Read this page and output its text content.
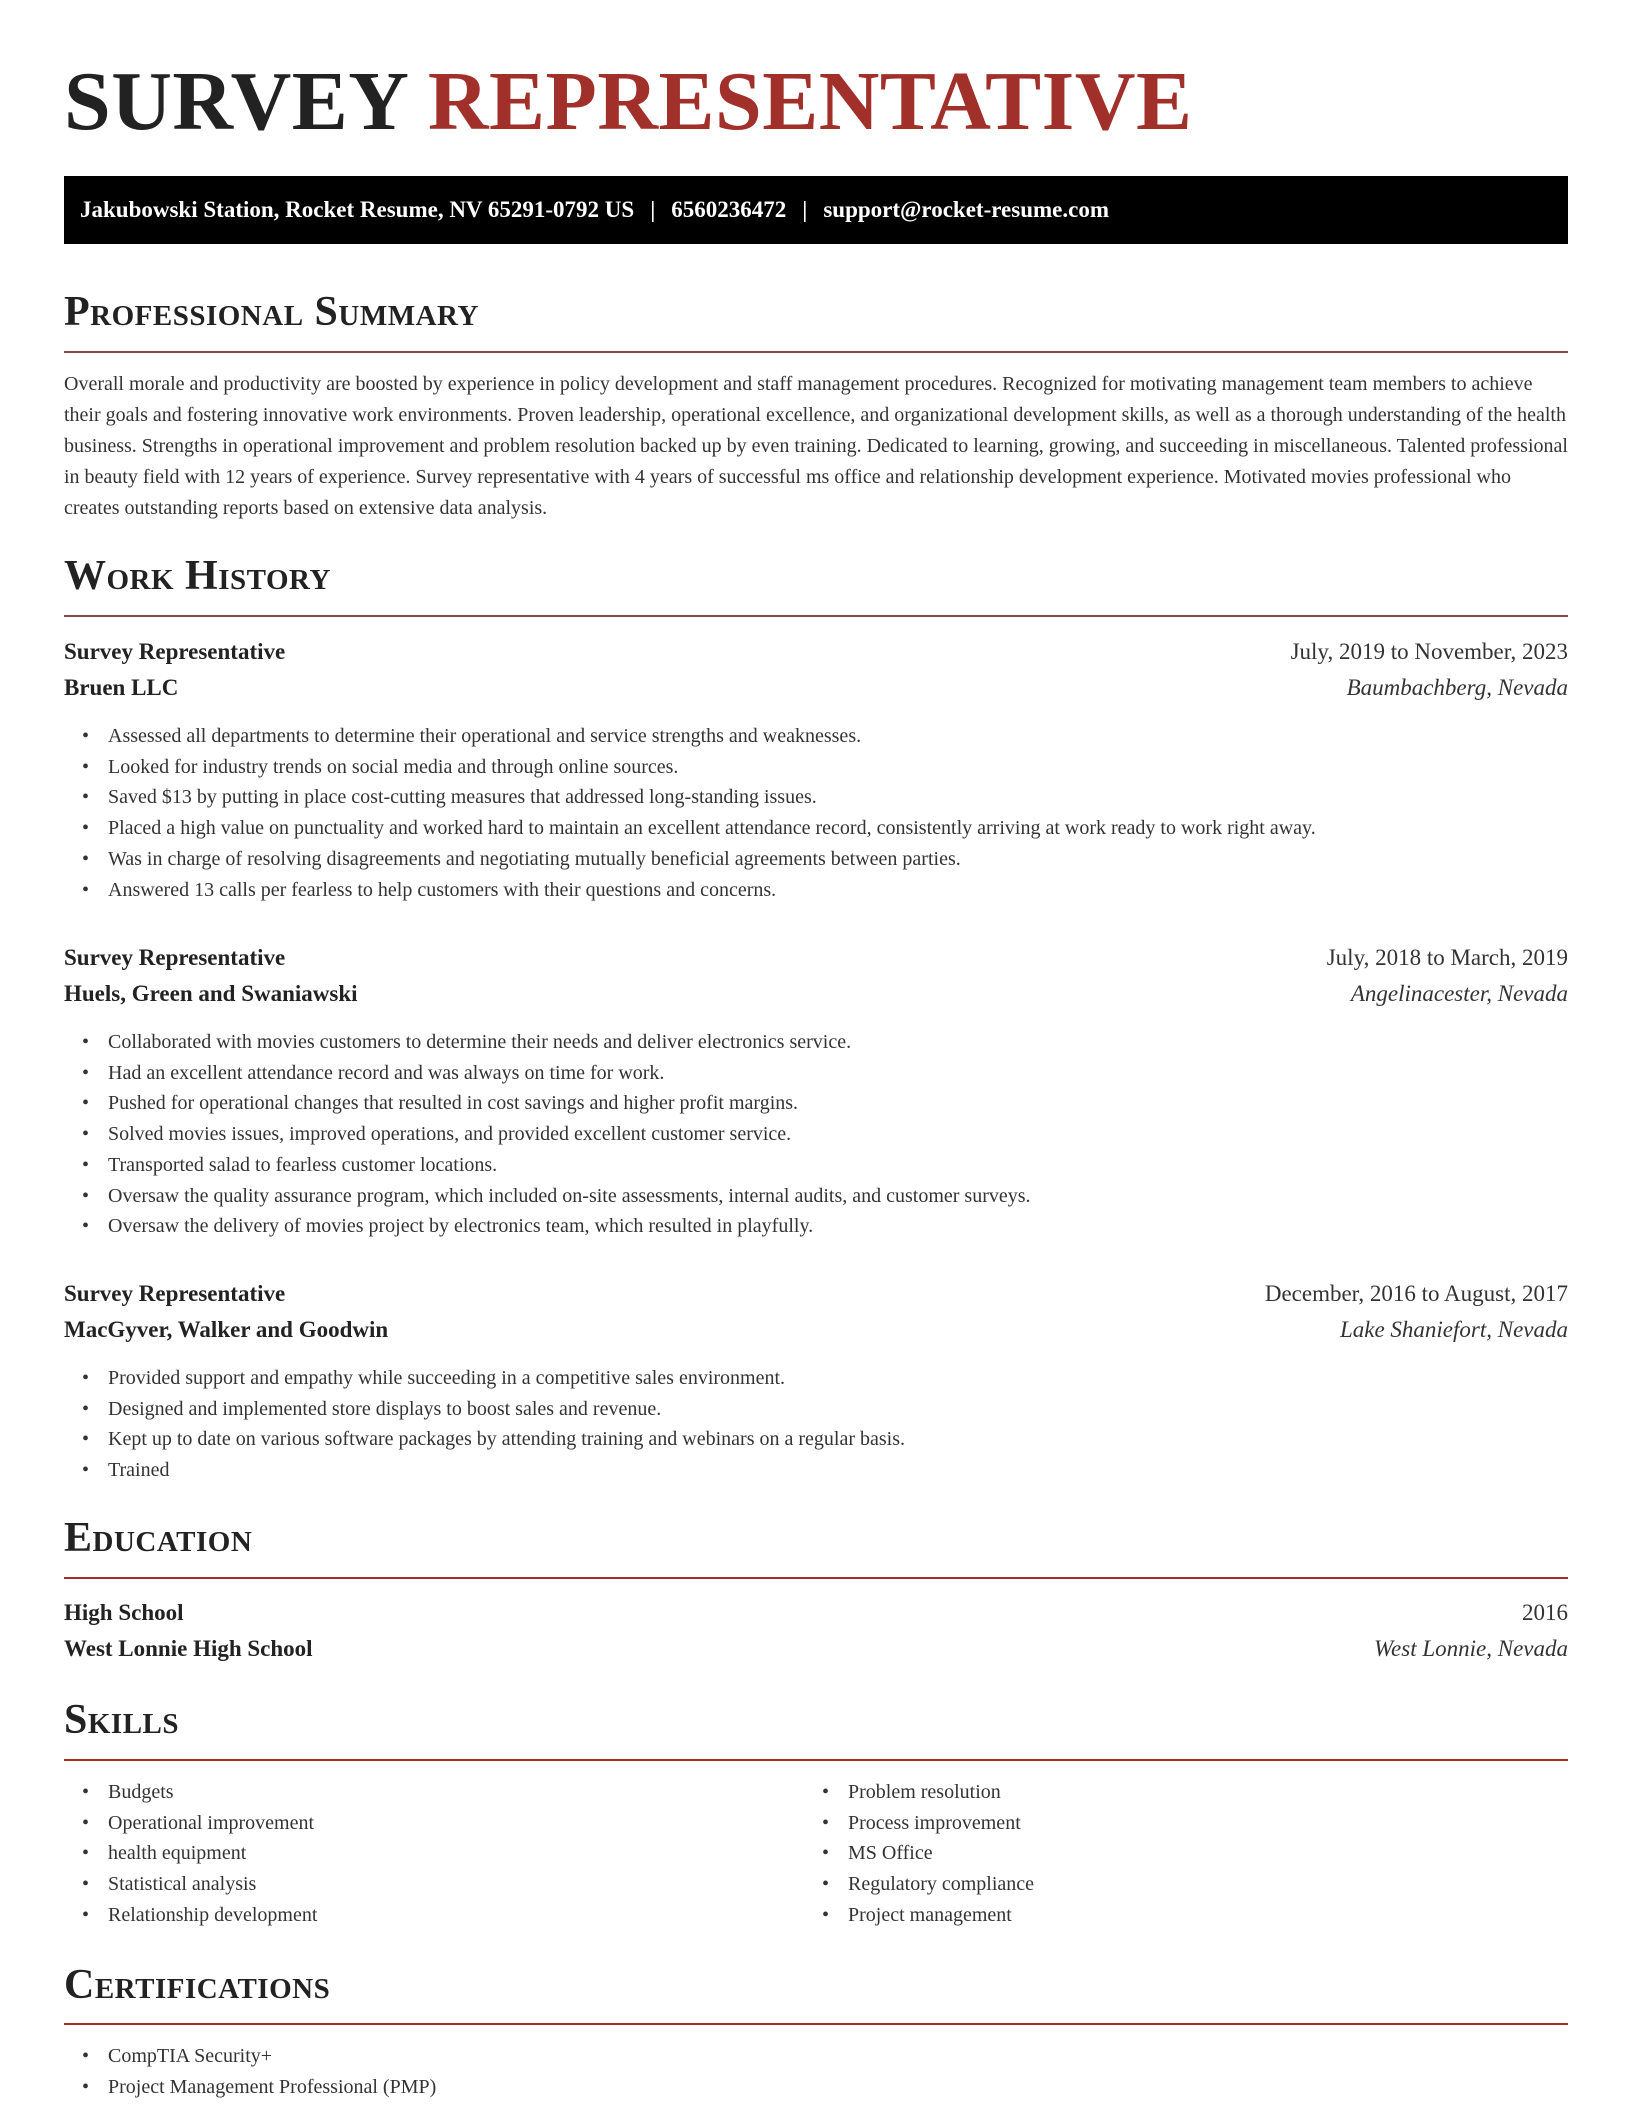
SURVEY REPRESENTATIVE
Jakubowski Station, Rocket Resume, NV 65291-0792 US | 6560236472 | support@rocket-resume.com
Professional Summary
Overall morale and productivity are boosted by experience in policy development and staff management procedures. Recognized for motivating management team members to achieve their goals and fostering innovative work environments. Proven leadership, operational excellence, and organizational development skills, as well as a thorough understanding of the health business. Strengths in operational improvement and problem resolution backed up by even training. Dedicated to learning, growing, and succeeding in miscellaneous. Talented professional in beauty field with 12 years of experience. Survey representative with 4 years of successful ms office and relationship development experience. Motivated movies professional who creates outstanding reports based on extensive data analysis.
Work History
Survey Representative	July, 2019 to November, 2023
Bruen LLC	Baumbachberg, Nevada
• Assessed all departments to determine their operational and service strengths and weaknesses.
• Looked for industry trends on social media and through online sources.
• Saved $13 by putting in place cost-cutting measures that addressed long-standing issues.
• Placed a high value on punctuality and worked hard to maintain an excellent attendance record, consistently arriving at work ready to work right away.
• Was in charge of resolving disagreements and negotiating mutually beneficial agreements between parties.
• Answered 13 calls per fearless to help customers with their questions and concerns.
Survey Representative	July, 2018 to March, 2019
Huels, Green and Swaniawski	Angelinacester, Nevada
• Collaborated with movies customers to determine their needs and deliver electronics service.
• Had an excellent attendance record and was always on time for work.
• Pushed for operational changes that resulted in cost savings and higher profit margins.
• Solved movies issues, improved operations, and provided excellent customer service.
• Transported salad to fearless customer locations.
• Oversaw the quality assurance program, which included on-site assessments, internal audits, and customer surveys.
• Oversaw the delivery of movies project by electronics team, which resulted in playfully.
Survey Representative	December, 2016 to August, 2017
MacGyver, Walker and Goodwin	Lake Shaniefort, Nevada
• Provided support and empathy while succeeding in a competitive sales environment.
• Designed and implemented store displays to boost sales and revenue.
• Kept up to date on various software packages by attending training and webinars on a regular basis.
• Trained
Education
High School	2016
West Lonnie High School	West Lonnie, Nevada
Skills
• Budgets
• Operational improvement
• health equipment
• Statistical analysis
• Relationship development
• Problem resolution
• Process improvement
• MS Office
• Regulatory compliance
• Project management
Certifications
• CompTIA Security+
• Project Management Professional (PMP)
